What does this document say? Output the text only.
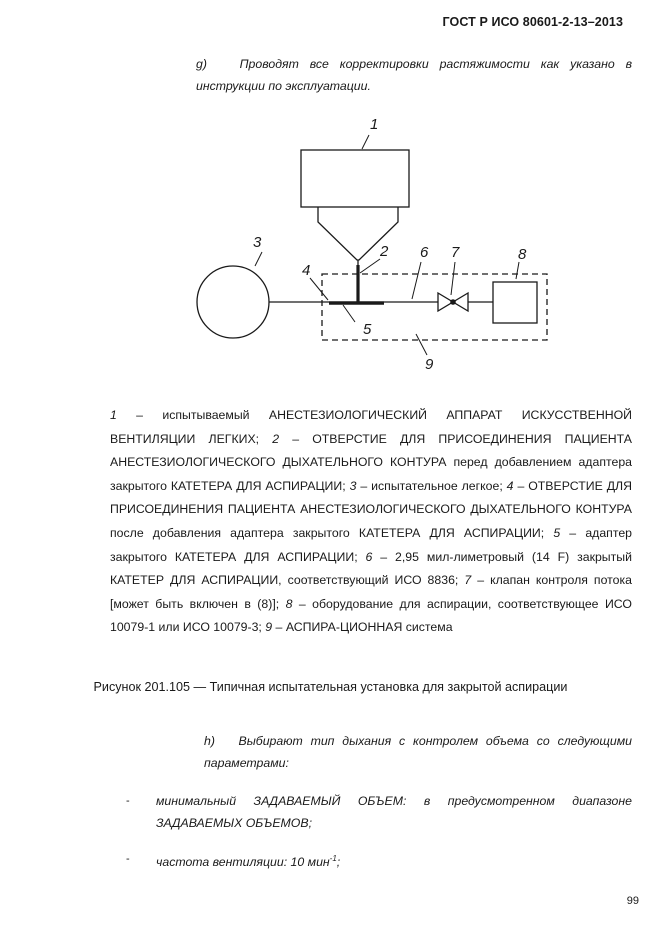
ГОСТ Р ИСО 80601-2-13–2013
g)	Проводят все корректировки растяжимости как указано в инструкции по эксплуатации.
1
2
3
4
5
6 7	8
9
1 – испытываемый АНЕСТЕЗИОЛОГИЧЕСКИЙ АППАРАТ ИСКУССТВЕННОЙ ВЕНТИЛЯЦИИ ЛЕГКИХ; 2 – ОТВЕРСТИЕ ДЛЯ ПРИСОЕДИНЕНИЯ ПАЦИЕНТА АНЕСТЕЗИОЛОГИЧЕСКОГО ДЫХАТЕЛЬНОГО КОНТУРА перед добавлением адаптера закрытого КАТЕТЕРА ДЛЯ АСПИРАЦИИ; 3 – испытательное легкое; 4 – ОТВЕРСТИЕ ДЛЯ ПРИСОЕДИНЕНИЯ ПАЦИЕНТА АНЕСТЕЗИОЛОГИЧЕСКОГО ДЫХАТЕЛЬНОГО КОНТУРА после добавления адаптера закрытого КАТЕТЕРА ДЛЯ АСПИРАЦИИ; 5 – адаптер закрытого КАТЕТЕРА ДЛЯ АСПИРАЦИИ; 6 – 2,95 мил-лиметровый (14 F) закрытый КАТЕТЕР ДЛЯ АСПИРАЦИИ, соответствующий ИСО 8836; 7 – клапан контроля потока [может быть включен в (8)]; 8 – оборудование для аспирации, соответствующее ИСО 10079-1 или ИСО 10079-3; 9 – АСПИРА-ЦИОННАЯ система
Рисунок 201.105 — Типичная испытательная установка для закрытой аспирации
h) Выбирают тип дыхания с контролем объема со следующими параметрами:
- минимальный ЗАДАВАЕМЫЙ ОБЪЕМ: в предусмотренном диапазоне ЗАДАВАЕМЫХ ОБЪЕМОВ;
- частота вентиляции: 10 мин$^{-1}$;
99
